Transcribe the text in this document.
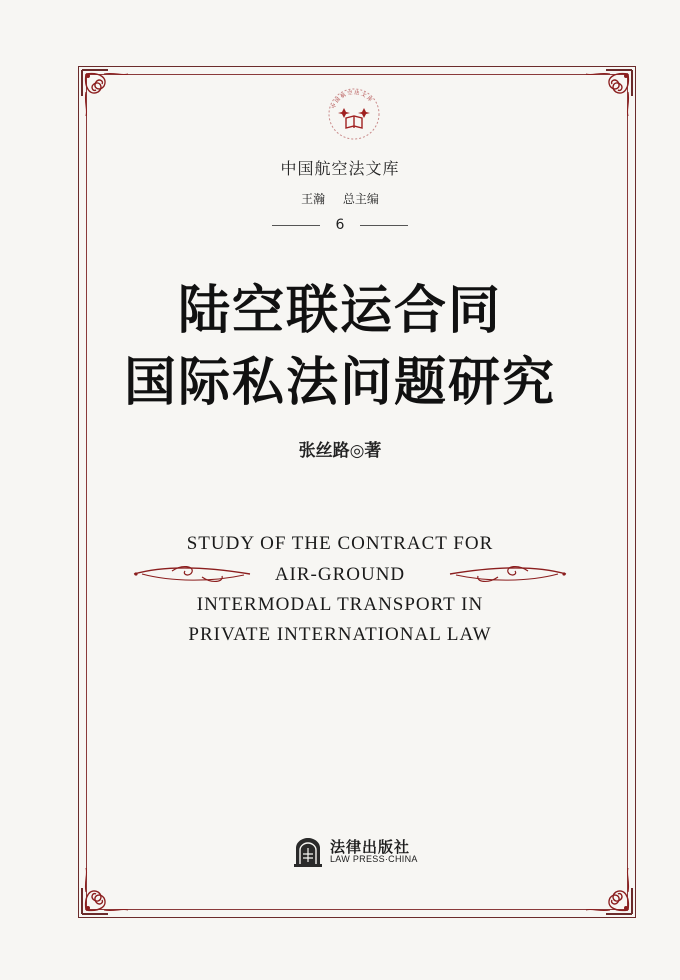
中 国 航 空 法 文 库
中国航空法文库
王瀚 总主编
6
陆空联运合同
国际私法问题研究
张丝路◎著
STUDY OF THE CONTRACT FOR
AIR-GROUND
INTERMODAL TRANSPORT IN
PRIVATE INTERNATIONAL LAW
法律出版社
LAW PRESS·CHINA
